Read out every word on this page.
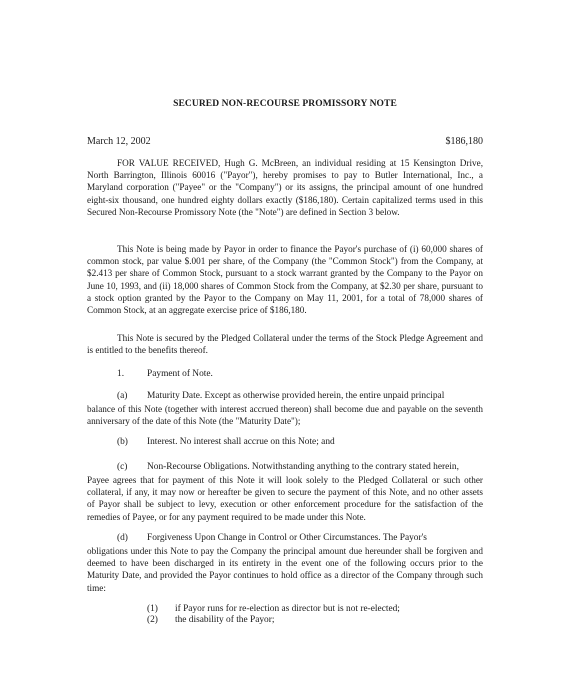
SECURED NON-RECOURSE PROMISSORY NOTE
March 12, 2002	$186,180

FOR VALUE RECEIVED, Hugh G. McBreen, an individual residing at 15 Kensington Drive, North Barrington, Illinois 60016 ("Payor"), hereby promises to pay to Butler International, Inc., a Maryland corporation ("Payee" or the "Company") or its assigns, the principal amount of one hundred eight-six thousand, one hundred eighty dollars exactly ($186,180). Certain capitalized terms used in this Secured Non-Recourse Promissory Note (the "Note") are defined in Section 3 below.

This Note is being made by Payor in order to finance the Payor's purchase of (i) 60,000 shares of common stock, par value $.001 per share, of the Company (the "Common Stock") from the Company, at $2.413 per share of Common Stock, pursuant to a stock warrant granted by the Company to the Payor on June 10, 1993, and (ii) 18,000 shares of Common Stock from the Company, at $2.30 per share, pursuant to a stock option granted by the Payor to the Company on May 11, 2001, for a total of 78,000 shares of Common Stock, at an aggregate exercise price of $186,180.

This Note is secured by the Pledged Collateral under the terms of the Stock Pledge Agreement and is entitled to the benefits thereof.

1. Payment of Note.
(a) Maturity Date. Except as otherwise provided herein, the entire unpaid principal

balance of this Note (together with interest accrued thereon) shall become due and payable on the seventh anniversary of the date of this Note (the "Maturity Date");

(b) Interest. No interest shall accrue on this Note; and
(c) Non-Recourse Obligations. Notwithstanding anything to the contrary stated herein,

Payee agrees that for payment of this Note it will look solely to the Pledged Collateral or such other collateral, if any, it may now or hereafter be given to secure the payment of this Note, and no other assets of Payor shall be subject to levy, execution or other enforcement procedure for the satisfaction of the remedies of Payee, or for any payment required to be made under this Note.

(d) Forgiveness Upon Change in Control or Other Circumstances. The Payor's

obligations under this Note to pay the Company the principal amount due hereunder shall be forgiven and deemed to have been discharged in its entirety in the event one of the following occurs prior to the Maturity Date, and provided the Payor continues to hold office as a director of the Company through such time:

(1) if Payor runs for re-election as director but is not re-elected;
(2) the disability of the Payor;
